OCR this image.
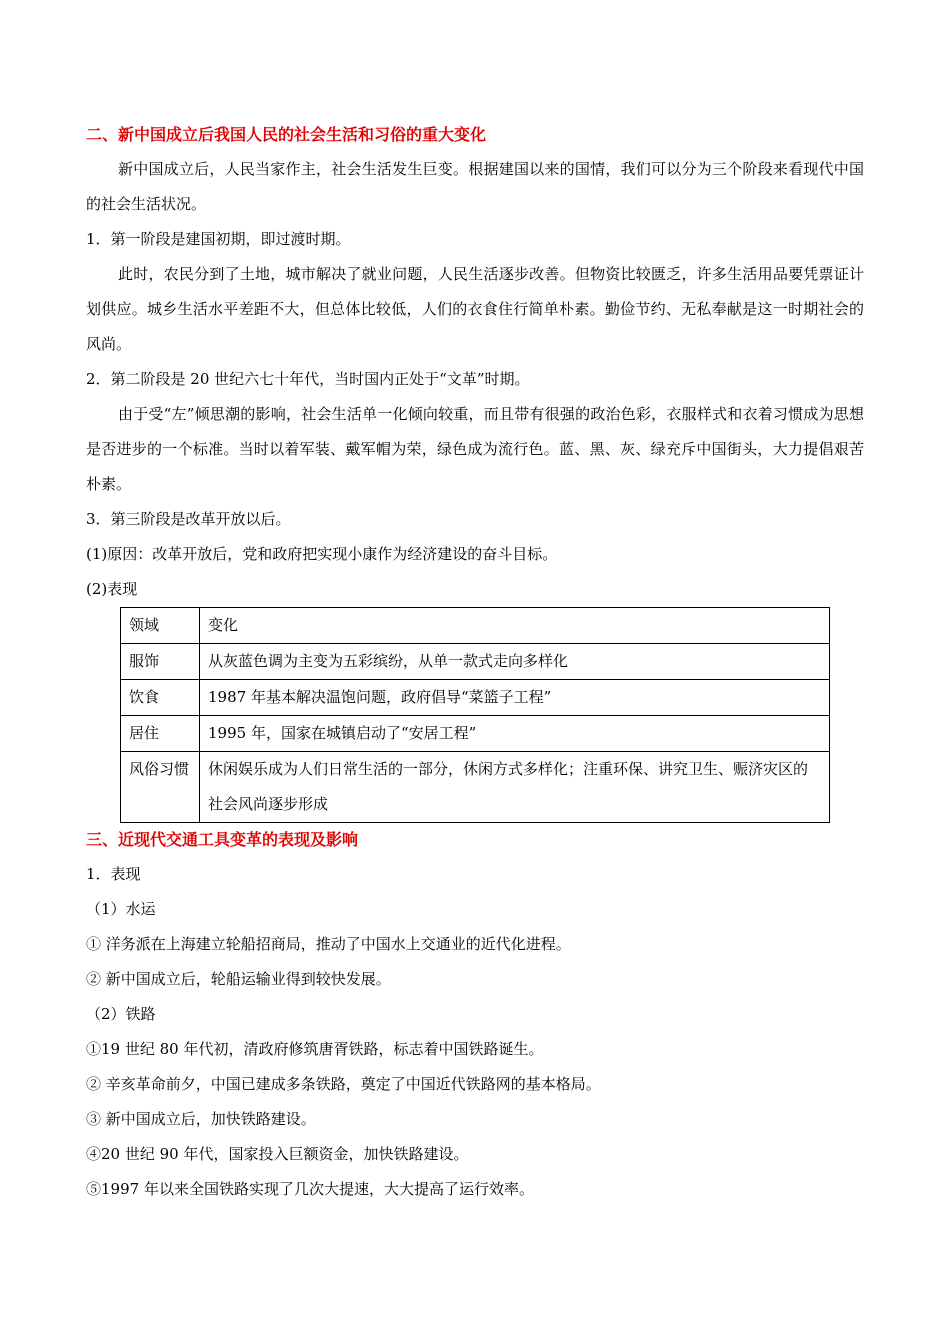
二、新中国成立后我国人民的社会生活和习俗的重大变化
新中国成立后，人民当家作主，社会生活发生巨变。根据建国以来的国情，我们可以分为三个阶段来看现代中国的社会生活状况。
1．第一阶段是建国初期，即过渡时期。
此时，农民分到了土地，城市解决了就业问题，人民生活逐步改善。但物资比较匮乏，许多生活用品要凭票证计划供应。城乡生活水平差距不大，但总体比较低，人们的衣食住行简单朴素。勤俭节约、无私奉献是这一时期社会的风尚。
2．第二阶段是 20 世纪六七十年代，当时国内正处于“文革”时期。
由于受“左”倾思潮的影响，社会生活单一化倾向较重，而且带有很强的政治色彩，衣服样式和衣着习惯成为思想是否进步的一个标准。当时以着军装、戴军帽为荣，绿色成为流行色。蓝、黑、灰、绿充斥中国街头，大力提倡艰苦朴素。
3．第三阶段是改革开放以后。
(1)原因：改革开放后，党和政府把实现小康作为经济建设的奋斗目标。
(2)表现
领域	变化
服饰	从灰蓝色调为主变为五彩缤纷，从单一款式走向多样化
饮食	1987 年基本解决温饱问题，政府倡导“菜篮子工程”
居住	1995 年，国家在城镇启动了“安居工程”
风俗习惯	休闲娱乐成为人们日常生活的一部分，休闲方式多样化；注重环保、讲究卫生、赈济灾区的社会风尚逐步形成
三、近现代交通工具变革的表现及影响
1．表现
（1）水运
① 洋务派在上海建立轮船招商局，推动了中国水上交通业的近代化进程。
② 新中国成立后，轮船运输业得到较快发展。
（2）铁路
①19 世纪 80 年代初，清政府修筑唐胥铁路，标志着中国铁路诞生。
② 辛亥革命前夕，中国已建成多条铁路，奠定了中国近代铁路网的基本格局。
③ 新中国成立后，加快铁路建设。
④20 世纪 90 年代，国家投入巨额资金，加快铁路建设。
⑤1997 年以来全国铁路实现了几次大提速，大大提高了运行效率。
